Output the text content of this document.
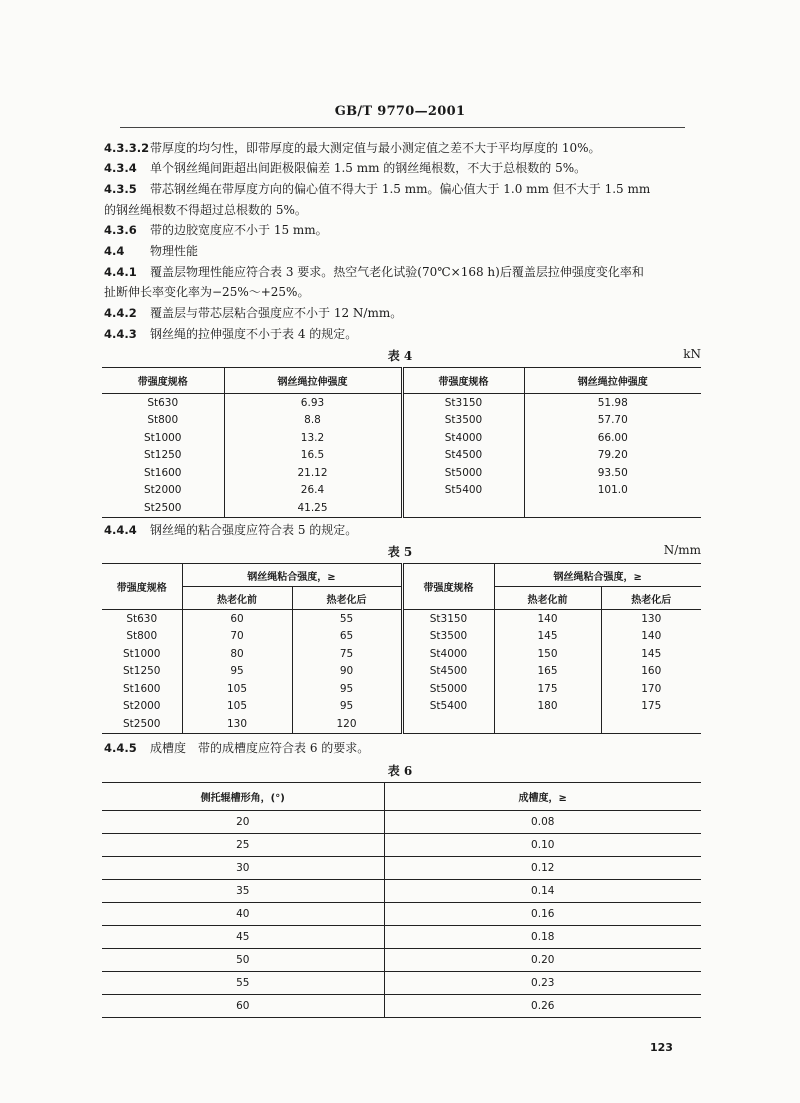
GB/T 9770—2001
4.3.3.2带厚度的均匀性，即带厚度的最大测定值与最小测定值之差不大于平均厚度的 10%。
4.3.4 单个钢丝绳间距超出间距极限偏差 1.5 mm 的钢丝绳根数，不大于总根数的 5%。
4.3.5 带芯钢丝绳在带厚度方向的偏心值不得大于 1.5 mm。偏心值大于 1.0 mm 但不大于 1.5 mm
的钢丝绳根数不得超过总根数的 5%。
4.3.6 带的边胶宽度应不小于 15 mm。
4.4 物理性能
4.4.1 覆盖层物理性能应符合表 3 要求。热空气老化试验(70℃×168 h)后覆盖层拉伸强度变化率和
扯断伸长率变化率为−25%～+25%。
4.4.2 覆盖层与带芯层粘合强度应不小于 12 N/mm。
4.4.3 钢丝绳的拉伸强度不小于表 4 的规定。
表 4	kN
带强度规格	钢丝绳拉伸强度	带强度规格	钢丝绳拉伸强度
St630	6.93	St3150	51.98
St800	8.8	St3500	57.70
St1000	13.2	St4000	66.00
St1250	16.5	St4500	79.20
St1600	21.12	St5000	93.50
St2000	26.4	St5400	101.0
St2500	41.25		
4.4.4 钢丝绳的粘合强度应符合表 5 的规定。
表 5	N/mm
带强度规格	钢丝绳粘合强度，≥		带强度规格	钢丝绳粘合强度，≥	
	热老化前	热老化后		热老化前	热老化后
St630	60	55	St3150	140	130
St800	70	65	St3500	145	140
St1000	80	75	St4000	150	145
St1250	95	90	St4500	165	160
St1600	105	95	St5000	175	170
St2000	105	95	St5400	180	175
St2500	130	120			
4.4.5 成槽度　带的成槽度应符合表 6 的要求。
表 6
侧托辊槽形角，(°)	成槽度，≥
20	0.08
25	0.10
30	0.12
35	0.14
40	0.16
45	0.18
50	0.20
55	0.23
60	0.26
123
